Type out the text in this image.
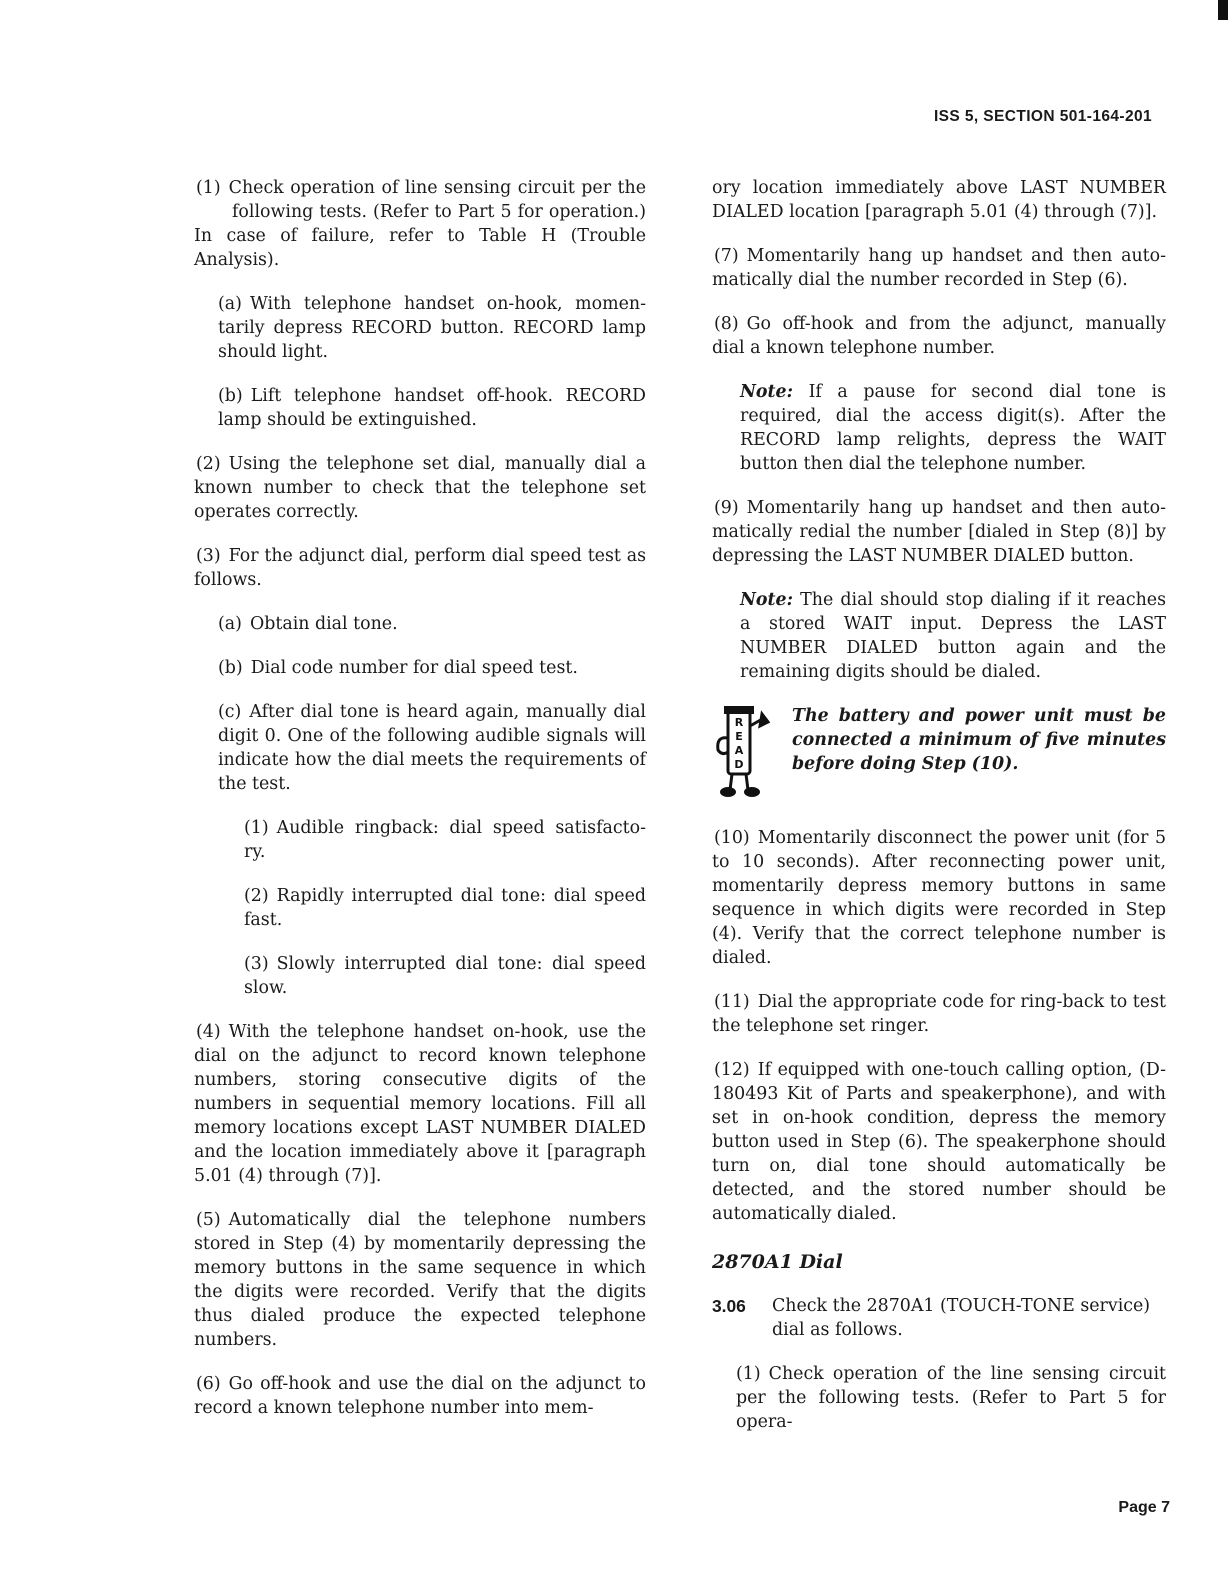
ISS 5, SECTION 501-164-201
(1) Check operation of line sensing circuit per the following tests. (Refer to Part 5 for operation.) In case of failure, refer to Table H (Trouble Analysis).
(a) With telephone handset on-hook, momen- tarily depress RECORD button. RECORD lamp should light.
(b) Lift telephone handset off-hook. RECORD lamp should be extinguished.
(2) Using the telephone set dial, manually dial a known number to check that the telephone set operates correctly.
(3) For the adjunct dial, perform dial speed test as follows.
(a) Obtain dial tone.
(b) Dial code number for dial speed test.
(c) After dial tone is heard again, manually dial digit 0. One of the following audible signals will indicate how the dial meets the requirements of the test.
(1) Audible ringback: dial speed satisfacto- ry.
(2) Rapidly interrupted dial tone: dial speed fast.
(3) Slowly interrupted dial tone: dial speed slow.
(4) With the telephone handset on-hook, use the dial on the adjunct to record known telephone numbers, storing consecutive digits of the numbers in sequential memory locations. Fill all memory locations except LAST NUMBER DIALED and the location immediately above it [paragraph 5.01 (4) through (7)].
(5) Automatically dial the telephone numbers stored in Step (4) by momentarily depressing the memory buttons in the same sequence in which the digits were recorded. Verify that the digits thus dialed produce the expected telephone numbers.
(6) Go off-hook and use the dial on the adjunct to record a known telephone number into mem-
ory location immediately above LAST NUMBER DIALED location [paragraph 5.01 (4) through (7)].
(7) Momentarily hang up handset and then auto- matically dial the number recorded in Step (6).
(8) Go off-hook and from the adjunct, manually dial a known telephone number.
Note: If a pause for second dial tone is required, dial the access digit(s). After the RECORD lamp relights, depress the WAIT button then dial the telephone number.
(9) Momentarily hang up handset and then auto- matically redial the number [dialed in Step (8)] by depressing the LAST NUMBER DIALED button.
Note: The dial should stop dialing if it reaches a stored WAIT input. Depress the LAST NUMBER DIALED button again and the remaining digits should be dialed.
R
E
A
D
The battery and power unit must be connected a minimum of five minutes before doing Step (10).
(10) Momentarily disconnect the power unit (for 5 to 10 seconds). After reconnecting power unit, momentarily depress memory buttons in same sequence in which digits were recorded in Step (4). Verify that the correct telephone number is dialed.
(11) Dial the appropriate code for ring-back to test the telephone set ringer.
(12) If equipped with one-touch calling option, (D- 180493 Kit of Parts and speakerphone), and with set in on-hook condition, depress the memory button used in Step (6). The speakerphone should turn on, dial tone should automatically be detected, and the stored number should be automatically dialed.
2870A1 Dial
3.06	Check the 2870A1 (TOUCH-TONE service) dial as follows.
(1) Check operation of the line sensing circuit per the following tests. (Refer to Part 5 for opera-
Page 7
